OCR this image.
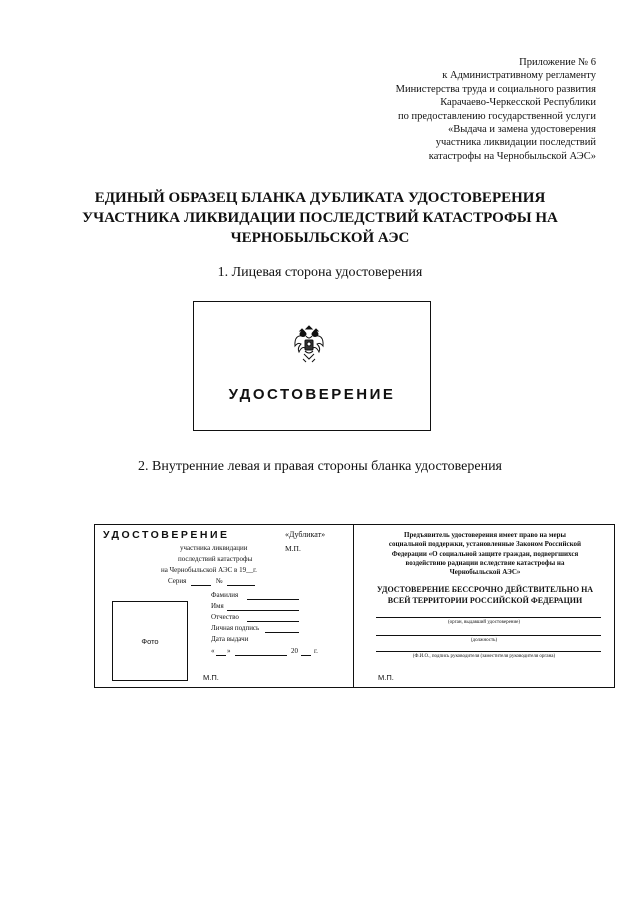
Приложение № 6
к Административному регламенту
Министерства труда и социального развития
Карачаево-Черкесской Республики
по предоставлению государственной услуги
«Выдача и замена удостоверения
участника ликвидации последствий
катастрофы на Чернобыльской АЭС»
ЕДИНЫЙ ОБРАЗЕЦ БЛАНКА ДУБЛИКАТА УДОСТОВЕРЕНИЯ
УЧАСТНИКА ЛИКВИДАЦИИ ПОСЛЕДСТВИЙ КАТАСТРОФЫ НА
ЧЕРНОБЫЛЬСКОЙ АЭС
1. Лицевая сторона удостоверения
УДОСТОВЕРЕНИЕ
2. Внутренние левая и правая стороны бланка удостоверения
УДОСТОВЕРЕНИЕ	«Дубликат»
М.П.
участника ликвидации
последствий катастрофы
на Чернобыльской АЭС в 19__г.
Серия	№
Фото
Фамилия
Имя
Отчество
Личная подпись
Дата выдачи
« »	20 г.
М.П.
Предъявитель удостоверения имеет право на меры
социальной поддержки, установленные Законом Российской
Федерации «О социальной защите граждан, подвергшихся
воздействию радиации вследствие катастрофы на
Чернобыльской АЭС»
УДОСТОВЕРЕНИЕ БЕССРОЧНО ДЕЙСТВИТЕЛЬНО НА
ВСЕЙ ТЕРРИТОРИИ РОССИЙСКОЙ ФЕДЕРАЦИИ
(орган, выдавший удостоверение)
(должность)
(Ф.И.О., подпись руководителя (заместителя руководителя органа)
М.П.
